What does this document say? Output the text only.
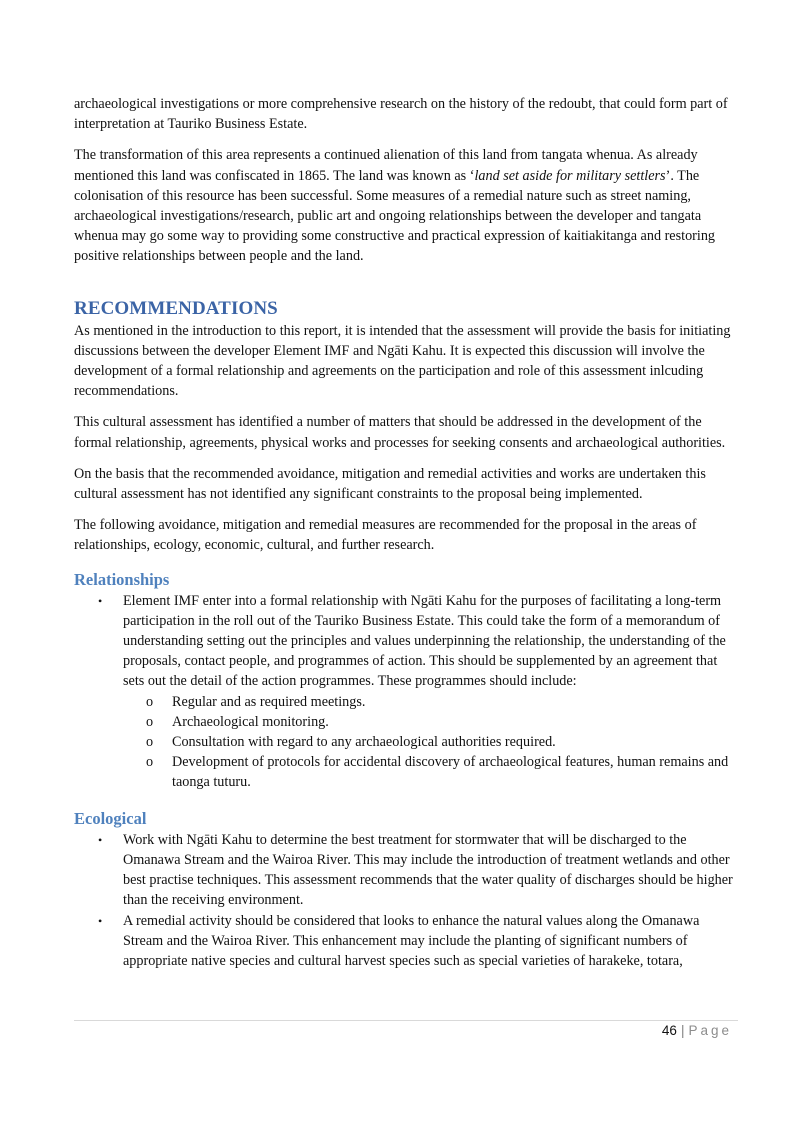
archaeological investigations or more comprehensive research on the history of the redoubt, that could form part of interpretation at Tauriko Business Estate.

The transformation of this area represents a continued alienation of this land from tangata whenua. As already mentioned this land was confiscated in 1865. The land was known as ‘land set aside for military settlers’. The colonisation of this resource has been successful. Some measures of a remedial nature such as street naming, archaeological investigations/research, public art and ongoing relationships between the developer and tangata whenua may go some way to providing some constructive and practical expression of kaitiakitanga and restoring positive relationships between people and the land.

RECOMMENDATIONS

As mentioned in the introduction to this report, it is intended that the assessment will provide the basis for initiating discussions between the developer Element IMF and Ngāti Kahu. It is expected this discussion will involve the development of a formal relationship and agreements on the participation and role of this assessment inlcuding recommendations.

This cultural assessment has identified a number of matters that should be addressed in the development of the formal relationship, agreements, physical works and processes for seeking consents and archaeological authorities.

On the basis that the recommended avoidance, mitigation and remedial activities and works are undertaken this cultural assessment has not identified any significant constraints to the proposal being implemented.

The following avoidance, mitigation and remedial measures are recommended for the proposal in the areas of relationships, ecology, economic, cultural, and further research.

Relationships
• Element IMF enter into a formal relationship with Ngāti Kahu for the purposes of facilitating a long-term participation in the roll out of the Tauriko Business Estate. This could take the form of a memorandum of understanding setting out the principles and values underpinning the relationship, the understanding of the proposals, contact people, and programmes of action. This should be supplemented by an agreement that sets out the detail of the action programmes. These programmes should include:
o Regular and as required meetings.
o Archaeological monitoring.
o Consultation with regard to any archaeological authorities required.
o Development of protocols for accidental discovery of archaeological features, human remains and taonga tuturu.
Ecological
• Work with Ngāti Kahu to determine the best treatment for stormwater that will be discharged to the Omanawa Stream and the Wairoa River. This may include the introduction of treatment wetlands and other best practise techniques. This assessment recommends that the water quality of discharges should be higher than the receiving environment.
• A remedial activity should be considered that looks to enhance the natural values along the Omanawa Stream and the Wairoa River. This enhancement may include the planting of significant numbers of appropriate native species and cultural harvest species such as special varieties of harakeke, totara,
46 | Page
